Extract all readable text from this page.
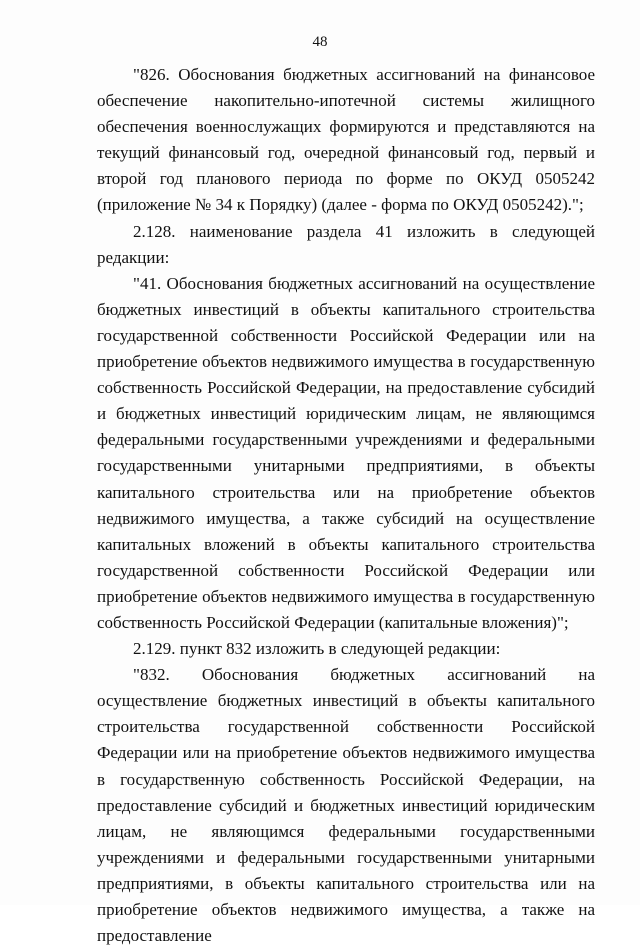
48

"826. Обоснования бюджетных ассигнований на финансовое обеспечение накопительно-ипотечной системы жилищного обеспечения военнослужащих формируются и представляются на текущий финансовый год, очередной финансовый год, первый и второй год планового периода по форме по ОКУД 0505242 (приложение № 34 к Порядку) (далее - форма по ОКУД 0505242).";

2.128. наименование раздела 41 изложить в следующей редакции:

"41. Обоснования бюджетных ассигнований на осуществление бюджетных инвестиций в объекты капитального строительства государственной собственности Российской Федерации или на приобретение объектов недвижимого имущества в государственную собственность Российской Федерации, на предоставление субсидий и бюджетных инвестиций юридическим лицам, не являющимся федеральными государственными учреждениями и федеральными государственными унитарными предприятиями, в объекты капитального строительства или на приобретение объектов недвижимого имущества, а также субсидий на осуществление капитальных вложений в объекты капитального строительства государственной собственности Российской Федерации или приобретение объектов недвижимого имущества в государственную собственность Российской Федерации (капитальные вложения)";

2.129. пункт 832 изложить в следующей редакции:

"832. Обоснования бюджетных ассигнований на осуществление бюджетных инвестиций в объекты капитального строительства государственной собственности Российской Федерации или на приобретение объектов недвижимого имущества в государственную собственность Российской Федерации, на предоставление субсидий и бюджетных инвестиций юридическим лицам, не являющимся федеральными государственными учреждениями и федеральными государственными унитарными предприятиями, в объекты капитального строительства или на приобретение объектов недвижимого имущества, а также на предоставление
